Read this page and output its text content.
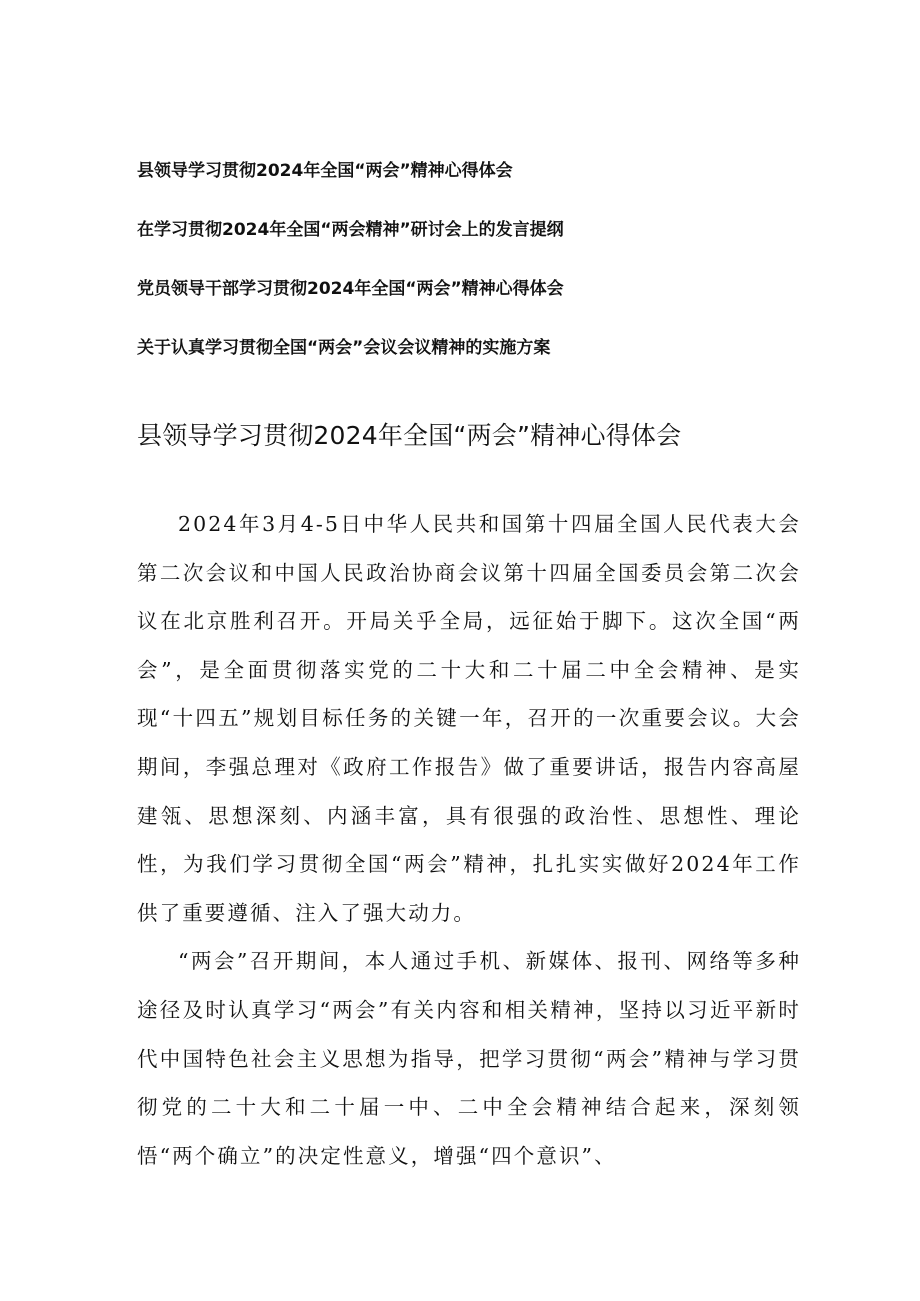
县领导学习贯彻2024年全国“两会”精神心得体会
在学习贯彻2024年全国“两会精神”研讨会上的发言提纲
党员领导干部学习贯彻2024年全国“两会”精神心得体会
关于认真学习贯彻全国“两会”会议会议精神的实施方案
县领导学习贯彻2024年全国“两会”精神心得体会

2024年3月4-5日中华人民共和国第十四届全国人民代表大会第二次会议和中国人民政治协商会议第十四届全国委员会第二次会议在北京胜利召开。开局关乎全局，远征始于脚下。这次全国“两会”，是全面贯彻落实党的二十大和二十届二中全会精神、是实现“十四五”规划目标任务的关键一年，召开的一次重要会议。大会期间，李强总理对《政府工作报告》做了重要讲话，报告内容高屋建瓴、思想深刻、内涵丰富，具有很强的政治性、思想性、理论性，为我们学习贯彻全国“两会”精神，扎扎实实做好2024年工作供了重要遵循、注入了强大动力。

“两会”召开期间，本人通过手机、新媒体、报刊、网络等多种途径及时认真学习“两会”有关内容和相关精神，坚持以习近平新时代中国特色社会主义思想为指导，把学习贯彻“两会”精神与学习贯彻党的二十大和二十届一中、二中全会精神结合起来，深刻领悟“两个确立”的决定性意义，增强“四个意识”、
